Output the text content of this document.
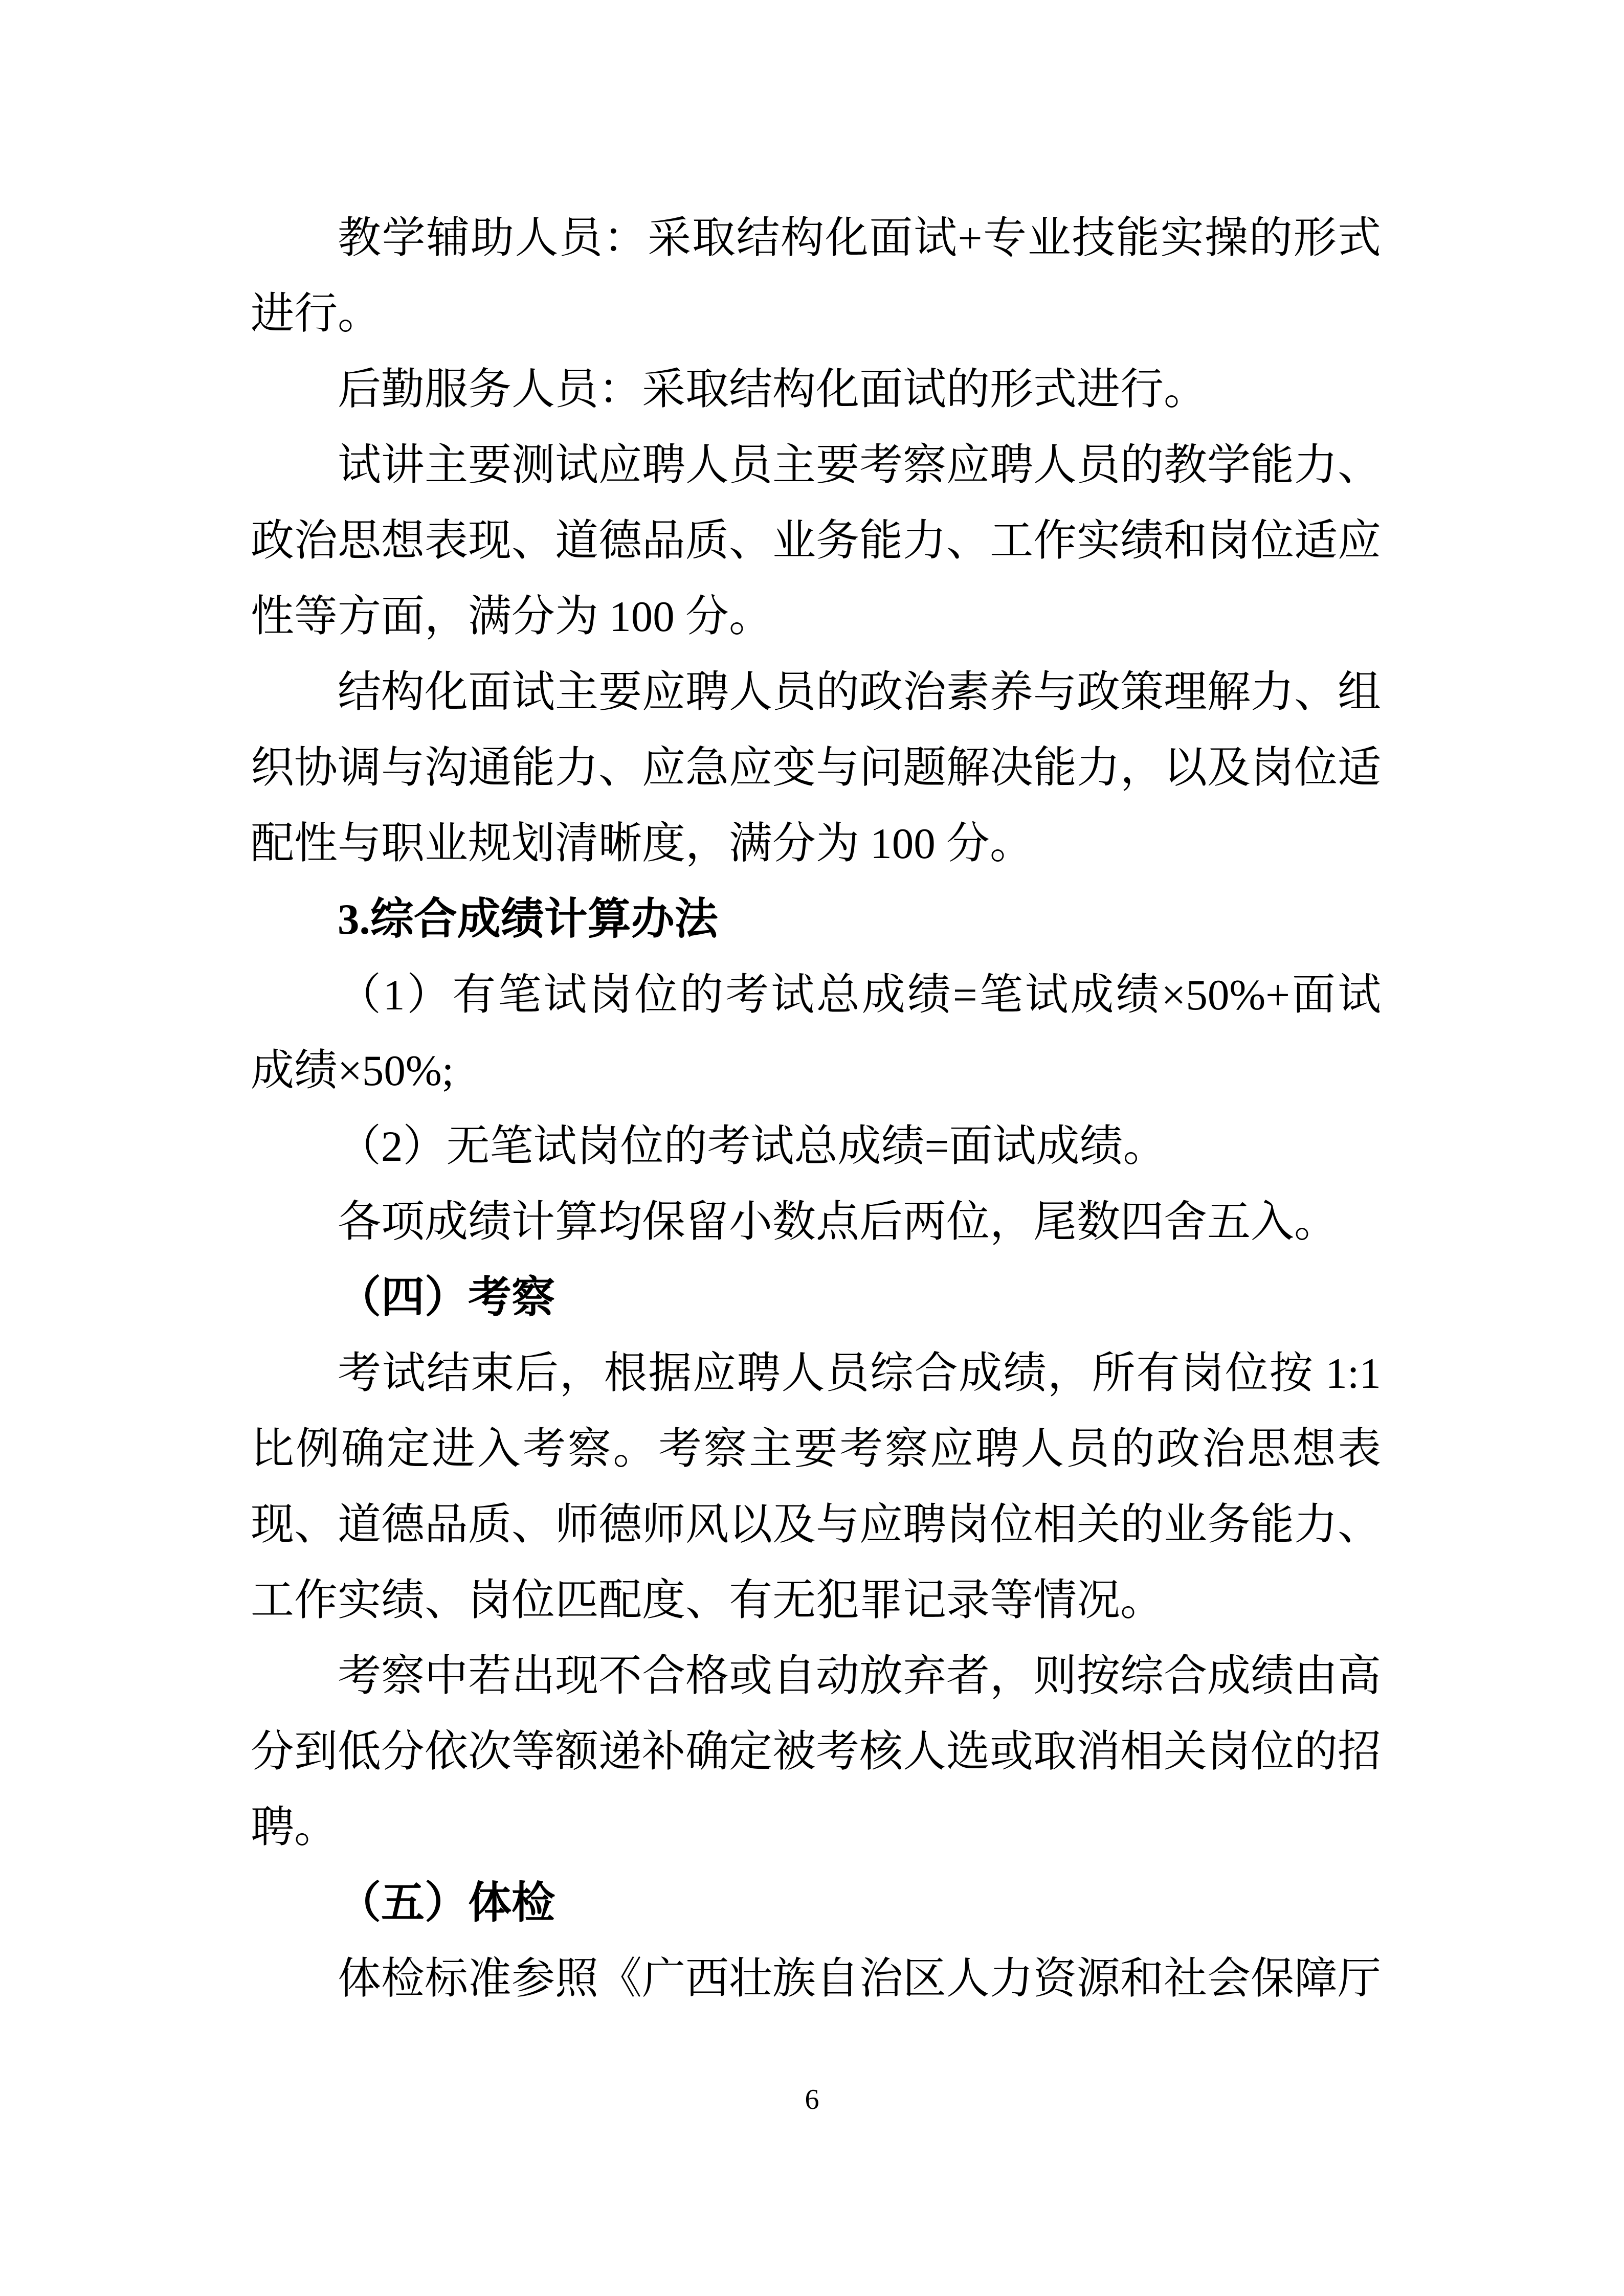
教学辅助人员：采取结构化面试+专业技能实操的形式进行。

后勤服务人员：采取结构化面试的形式进行。

试讲主要测试应聘人员主要考察应聘人员的教学能力、政治思想表现、道德品质、业务能力、工作实绩和岗位适应性等方面，满分为 100 分。

结构化面试主要应聘人员的政治素养与政策理解力、组织协调与沟通能力、应急应变与问题解决能力，以及岗位适配性与职业规划清晰度，满分为 100 分。

3.综合成绩计算办法

（1）有笔试岗位的考试总成绩=笔试成绩×50%+面试成绩×50%;

（2）无笔试岗位的考试总成绩=面试成绩。

各项成绩计算均保留小数点后两位，尾数四舍五入。

（四）考察

考试结束后，根据应聘人员综合成绩，所有岗位按 1:1 比例确定进入考察。考察主要考察应聘人员的政治思想表现、道德品质、师德师风以及与应聘岗位相关的业务能力、工作实绩、岗位匹配度、有无犯罪记录等情况。

考察中若出现不合格或自动放弃者，则按综合成绩由高分到低分依次等额递补确定被考核人选或取消相关岗位的招聘。

（五）体检

体检标准参照《广西壮族自治区人力资源和社会保障厅

6
